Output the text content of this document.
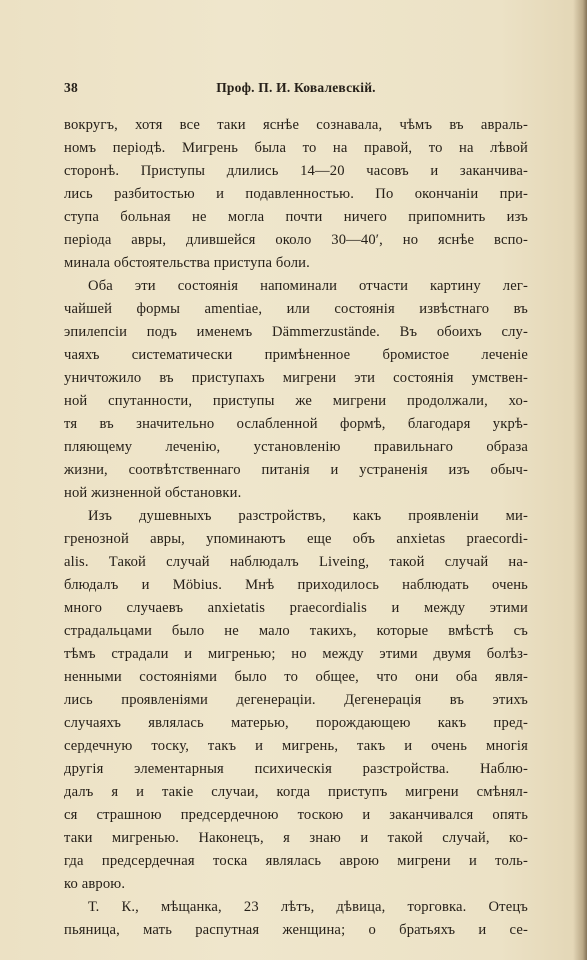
38	Проф. П. И. Ковалевскій.
вокругъ, хотя все таки яснѣе сознавала, чѣмъ въ авраль-
номъ періодѣ. Мигрень была то на правой, то на лѣвой
сторонѣ. Приступы длились 14—20 часовъ и заканчива-
лись разбитостью и подавленностью. По окончаніи при-
ступа больная не могла почти ничего припомнить изъ
періода авры, длившейся около 30—40′, но яснѣе вспо-
минала обстоятельства приступа боли.
Оба эти состоянія напоминали отчасти картину лег-
чайшей формы amentiae, или состоянія извѣстнаго въ
эпилепсіи подъ именемъ Dämmerzustände. Въ обоихъ слу-
чаяхъ систематически примѣненное бромистое леченіе
уничтожило въ приступахъ мигрени эти состоянія умствен-
ной спутанности, приступы же мигрени продолжали, хо-
тя въ значительно ослабленной формѣ, благодаря укрѣ-
пляющему леченію, установленію правильнаго образа
жизни, соотвѣтственнаго питанія и устраненія изъ обыч-
ной жизненной обстановки.
Изъ душевныхъ разстройствъ, какъ проявленіи ми-
гренозной авры, упоминаютъ еще объ anxietas praecordi-
alis. Такой случай наблюдалъ Liveing, такой случай на-
блюдалъ и Möbius. Мнѣ приходилось наблюдать очень
много случаевъ anxietatis praecordialis и между этими
страдальцами было не мало такихъ, которые вмѣстѣ съ
тѣмъ страдали и мигренью; но между этими двумя болѣз-
ненными состояніями было то общее, что они оба явля-
лись проявленіями дегенераціи. Дегенерація въ этихъ
случаяхъ являлась матерью, порождающею какъ пред-
сердечную тоску, такъ и мигрень, такъ и очень многія
другія элементарныя психическія разстройства. Наблю-
далъ я и такіе случаи, когда приступъ мигрени смѣнял-
ся страшною предсердечною тоскою и заканчивался опять
таки мигренью. Наконецъ, я знаю и такой случай, ко-
гда предсердечная тоска являлась аврою мигрени и толь-
ко аврою.
Т. К., мѣщанка, 23 лѣтъ, дѣвица, торговка. Отецъ
пьяница, мать распутная женщина; о братьяхъ и се-
